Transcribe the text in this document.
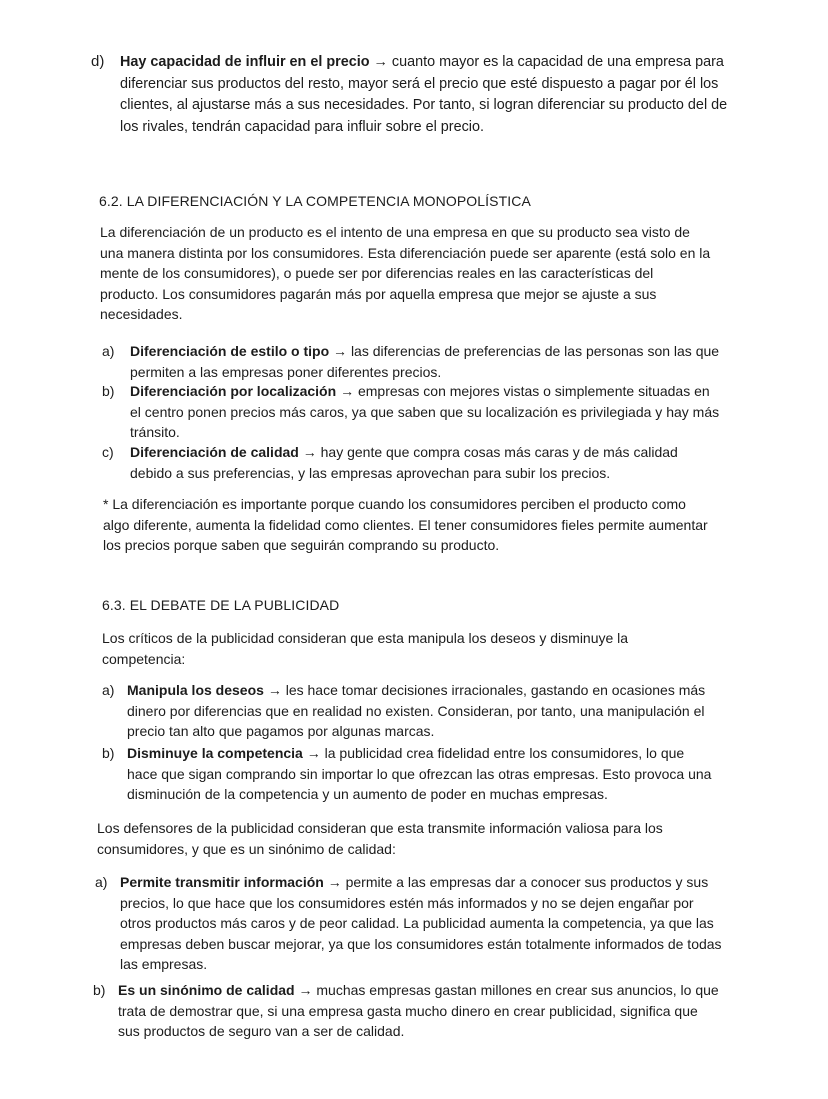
d) Hay capacidad de influir en el precio → cuanto mayor es la capacidad de una empresa para diferenciar sus productos del resto, mayor será el precio que esté dispuesto a pagar por él los clientes, al ajustarse más a sus necesidades. Por tanto, si logran diferenciar su producto del de los rivales, tendrán capacidad para influir sobre el precio.

6.2. LA DIFERENCIACIÓN Y LA COMPETENCIA MONOPOLÍSTICA

La diferenciación de un producto es el intento de una empresa en que su producto sea visto de una manera distinta por los consumidores. Esta diferenciación puede ser aparente (está solo en la mente de los consumidores), o puede ser por diferencias reales en las características del producto. Los consumidores pagarán más por aquella empresa que mejor se ajuste a sus necesidades.

a) Diferenciación de estilo o tipo → las diferencias de preferencias de las personas son las que permiten a las empresas poner diferentes precios.

b) Diferenciación por localización → empresas con mejores vistas o simplemente situadas en el centro ponen precios más caros, ya que saben que su localización es privilegiada y hay más tránsito.

c) Diferenciación de calidad → hay gente que compra cosas más caras y de más calidad debido a sus preferencias, y las empresas aprovechan para subir los precios.

* La diferenciación es importante porque cuando los consumidores perciben el producto como algo diferente, aumenta la fidelidad como clientes. El tener consumidores fieles permite aumentar los precios porque saben que seguirán comprando su producto.

6.3. EL DEBATE DE LA PUBLICIDAD

Los críticos de la publicidad consideran que esta manipula los deseos y disminuye la competencia:

a) Manipula los deseos → les hace tomar decisiones irracionales, gastando en ocasiones más dinero por diferencias que en realidad no existen. Consideran, por tanto, una manipulación el precio tan alto que pagamos por algunas marcas.

b) Disminuye la competencia → la publicidad crea fidelidad entre los consumidores, lo que hace que sigan comprando sin importar lo que ofrezcan las otras empresas. Esto provoca una disminución de la competencia y un aumento de poder en muchas empresas.

Los defensores de la publicidad consideran que esta transmite información valiosa para los consumidores, y que es un sinónimo de calidad:

a) Permite transmitir información → permite a las empresas dar a conocer sus productos y sus precios, lo que hace que los consumidores estén más informados y no se dejen engañar por otros productos más caros y de peor calidad. La publicidad aumenta la competencia, ya que las empresas deben buscar mejorar, ya que los consumidores están totalmente informados de todas las empresas.

b) Es un sinónimo de calidad → muchas empresas gastan millones en crear sus anuncios, lo que trata de demostrar que, si una empresa gasta mucho dinero en crear publicidad, significa que sus productos de seguro van a ser de calidad.
